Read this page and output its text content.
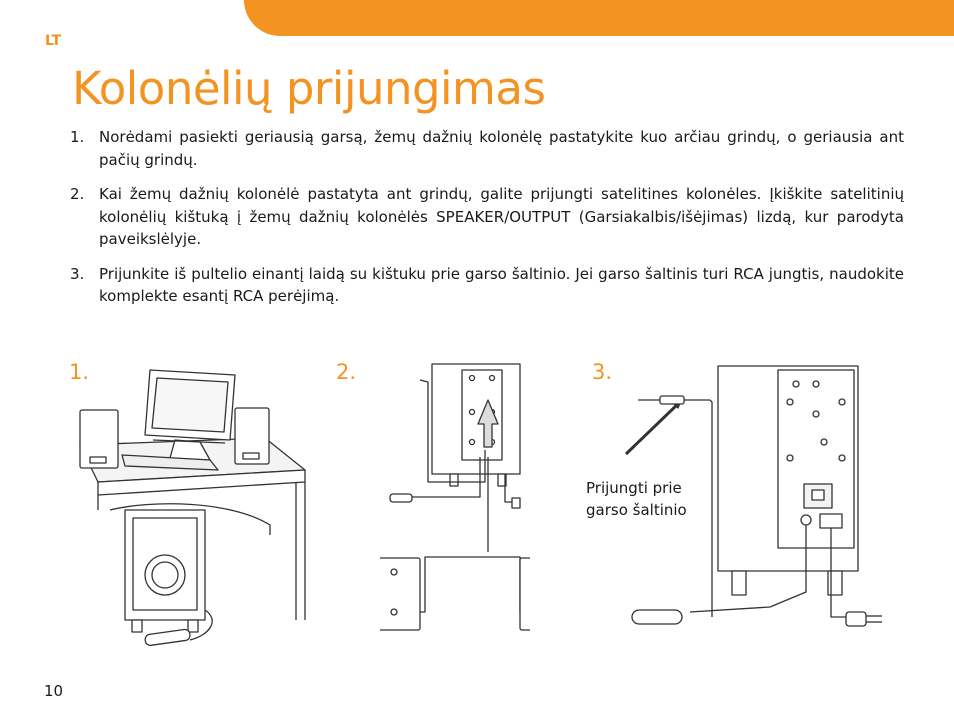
LT
Kolonėlių prijungimas
1. Norėdami pasiekti geriausią garsą, žemų dažnių kolonėlę pastatykite kuo arčiau grindų, o geriausia ant pačių grindų.
2. Kai žemų dažnių kolonėlė pastatyta ant grindų, galite prijungti satelitines kolonėles. Įkiškite satelitinių kolonėlių kištuką į žemų dažnių kolonėlės SPEAKER/OUTPUT (Garsiakalbis/išėjimas) lizdą, kur parodyta paveikslėlyje.
3. Prijunkite iš pultelio einantį laidą su kištuku prie garso šaltinio. Jei garso šaltinis turi RCA jungtis, naudokite komplekte esantį RCA perėjimą.
1.	2.	3.
Prijungti prie
garso šaltinio
10
